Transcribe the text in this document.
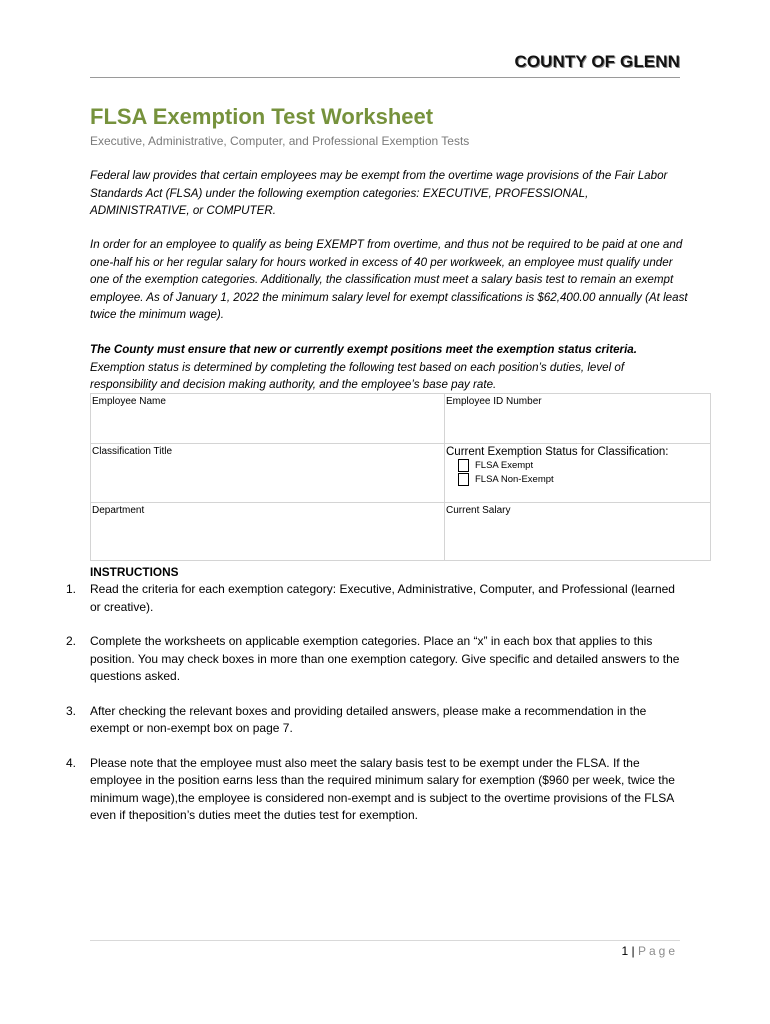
COUNTY OF GLENN
FLSA Exemption Test Worksheet
Executive, Administrative, Computer, and Professional Exemption Tests
Federal law provides that certain employees may be exempt from the overtime wage provisions of the Fair Labor Standards Act (FLSA) under the following exemption categories: EXECUTIVE, PROFESSIONAL, ADMINISTRATIVE, or COMPUTER.
In order for an employee to qualify as being EXEMPT from overtime, and thus not be required to be paid at one and one-half his or her regular salary for hours worked in excess of 40 per workweek, an employee must qualify under one of the exemption categories. Additionally, the classification must meet a salary basis test to remain an exempt employee. As of January 1, 2022 the minimum salary level for exempt classifications is $62,400.00 annually (At least twice the minimum wage).
The County must ensure that new or currently exempt positions meet the exemption status criteria.
Exemption status is determined by completing the following test based on each position’s duties, level of responsibility and decision making authority, and the employee’s base pay rate.
Employee Name	Employee ID Number
Classification Title	Current Exemption Status for Classification:
FLSA Exempt
FLSA Non-Exempt
Department	Current Salary
INSTRUCTIONS
1.	Read the criteria for each exemption category: Executive, Administrative, Computer, and Professional (learned or creative).
2.	Complete the worksheets on applicable exemption categories. Place an “x” in each box that applies to this position. You may check boxes in more than one exemption category. Give specific and detailed answers to the questions asked.
3.	After checking the relevant boxes and providing detailed answers, please make a recommendation in the exempt or non-exempt box on page 7.
4.	Please note that the employee must also meet the salary basis test to be exempt under the FLSA. If the employee in the position earns less than the required minimum salary for exemption ($960 per week, twice the minimum wage),the employee is considered non-exempt and is subject to the overtime provisions of the FLSA even if theposition’s duties meet the duties test for exemption.
1 | Page
